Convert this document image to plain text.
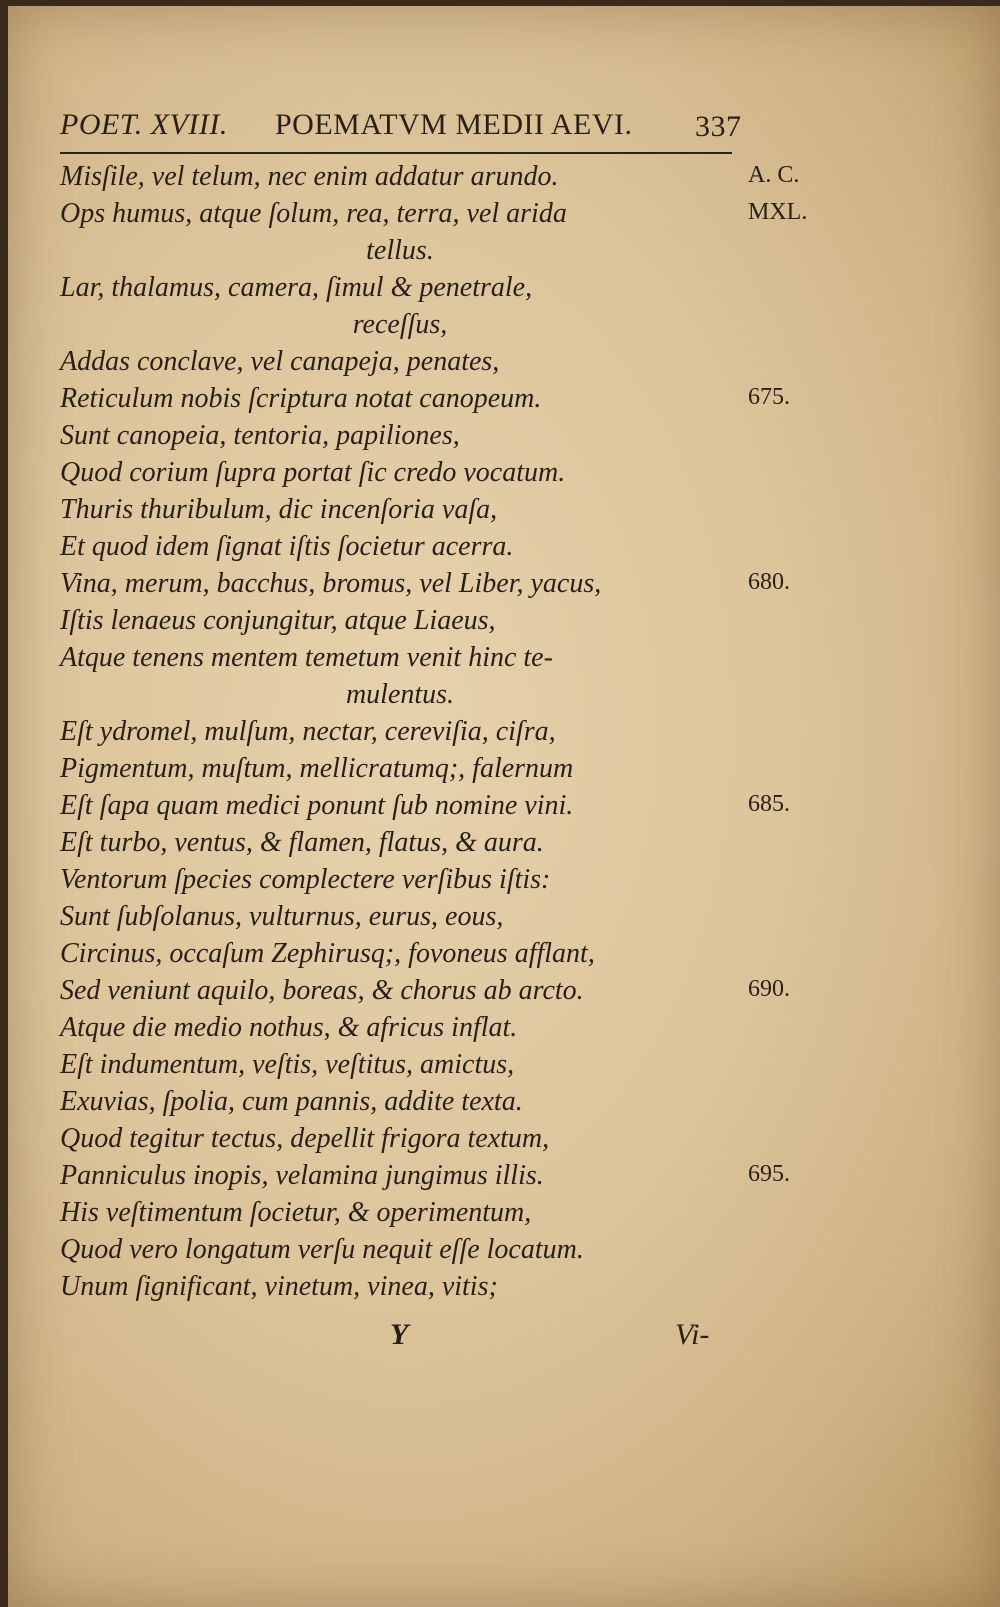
POET. XVIII. POEMATVM MEDII AEVI. 337
Misſile, vel telum, nec enim addatur arundo.
Ops humus, atque ſolum, rea, terra, vel arida
tellus.
Lar, thalamus, camera, ſimul & penetrale,
receſſus,
Addas conclave, vel canapeja, penates,
Reticulum nobis ſcriptura notat canopeum.
Sunt canopeia, tentoria, papiliones,
Quod corium ſupra portat ſic credo vocatum.
Thuris thuribulum, dic incenſoria vaſa,
Et quod idem ſignat iſtis ſocietur acerra.
Vina, merum, bacchus, bromus, vel Liber, yacus,
Iſtis lenaeus conjungitur, atque Liaeus,
Atque tenens mentem temetum venit hinc te-
mulentus.
Eſt ydromel, mulſum, nectar, cereviſia, ciſra,
Pigmentum, muſtum, mellicratumq;, falernum
Eſt ſapa quam medici ponunt ſub nomine vini.
Eſt turbo, ventus, & flamen, flatus, & aura.
Ventorum ſpecies complectere verſibus iſtis:
Sunt ſubſolanus, vulturnus, eurus, eous,
Circinus, occaſum Zephirusq;, fovoneus afflant,
Sed veniunt aquilo, boreas, & chorus ab arcto.
Atque die medio nothus, & africus inflat.
Eſt indumentum, veſtis, veſtitus, amictus,
Exuvias, ſpolia, cum pannis, addite texta.
Quod tegitur tectus, depellit frigora textum,
Panniculus inopis, velamina jungimus illis.
His veſtimentum ſocietur, & operimentum,
Quod vero longatum verſu nequit eſſe locatum.
Unum ſignificant, vinetum, vinea, vitis;
A. C.
MXL.
675.
680.
685.
690.
695.
Y	Vi-
